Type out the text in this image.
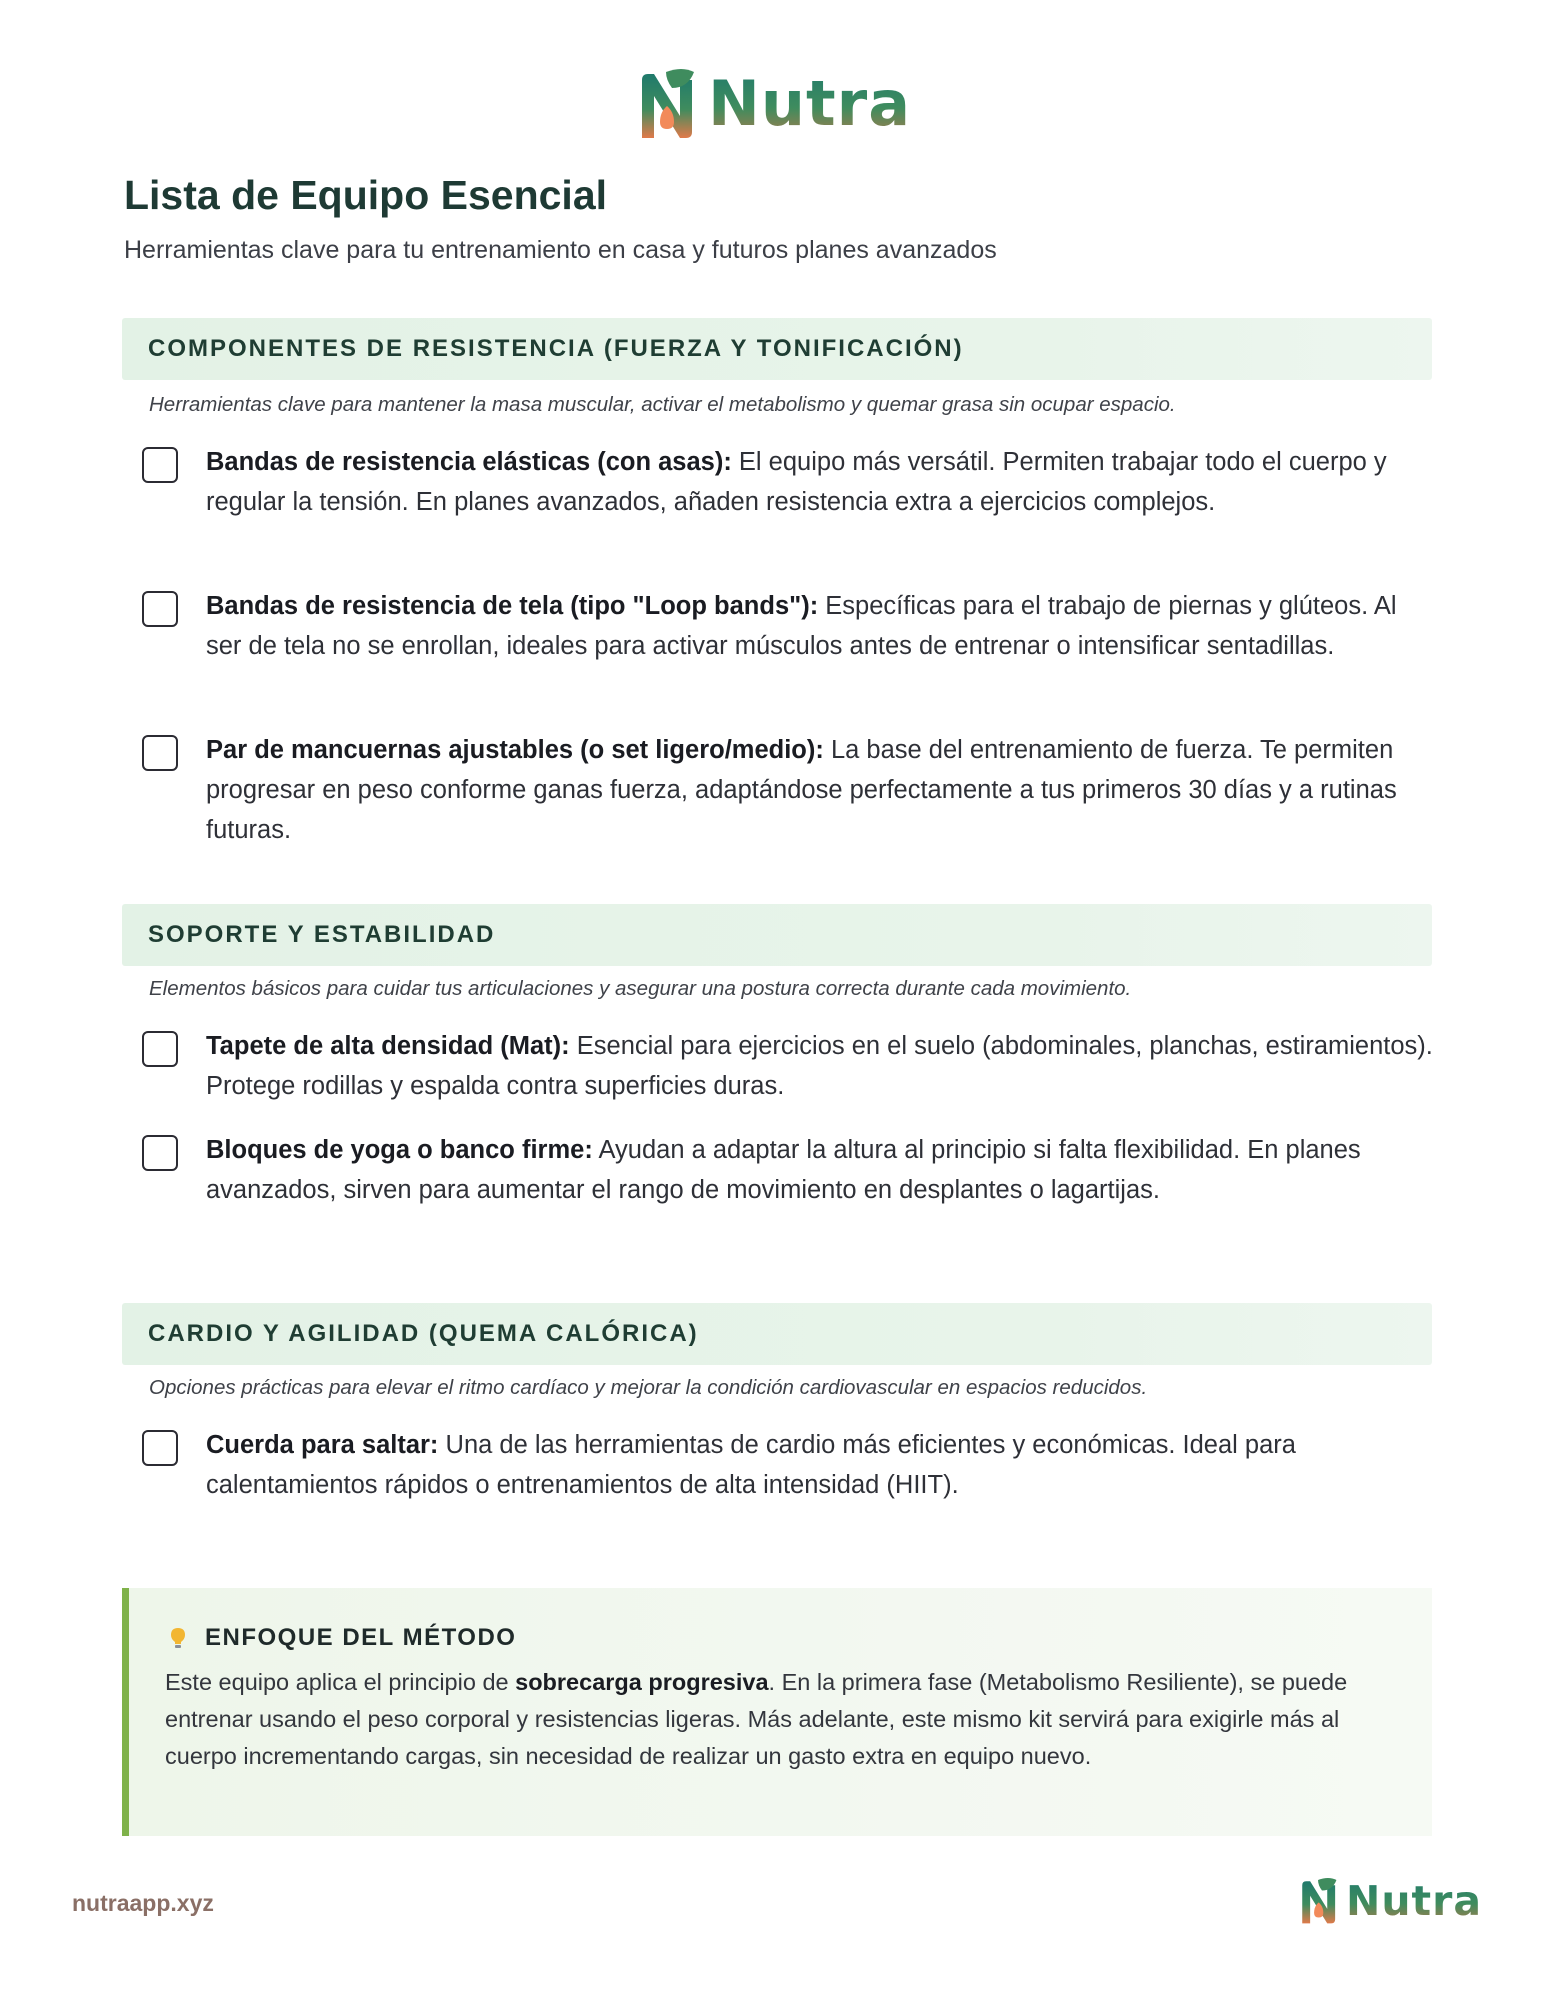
Nutra
Lista de Equipo Esencial

Herramientas clave para tu entrenamiento en casa y futuros planes avanzados

COMPONENTES DE RESISTENCIA (FUERZA Y TONIFICACIÓN)

Herramientas clave para mantener la masa muscular, activar el metabolismo y quemar grasa sin ocupar espacio.

Bandas de resistencia elásticas (con asas): El equipo más versátil. Permiten trabajar todo el cuerpo y regular la tensión. En planes avanzados, añaden resistencia extra a ejercicios complejos.
Bandas de resistencia de tela (tipo "Loop bands"): Específicas para el trabajo de piernas y glúteos. Al ser de tela no se enrollan, ideales para activar músculos antes de entrenar o intensificar sentadillas.
Par de mancuernas ajustables (o set ligero/medio): La base del entrenamiento de fuerza. Te permiten progresar en peso conforme ganas fuerza, adaptándose perfectamente a tus primeros 30 días y a rutinas futuras.
SOPORTE Y ESTABILIDAD

Elementos básicos para cuidar tus articulaciones y asegurar una postura correcta durante cada movimiento.

Tapete de alta densidad (Mat): Esencial para ejercicios en el suelo (abdominales, planchas, estiramientos). Protege rodillas y espalda contra superficies duras.
Bloques de yoga o banco firme: Ayudan a adaptar la altura al principio si falta flexibilidad. En planes avanzados, sirven para aumentar el rango de movimiento en desplantes o lagartijas.
CARDIO Y AGILIDAD (QUEMA CALÓRICA)

Opciones prácticas para elevar el ritmo cardíaco y mejorar la condición cardiovascular en espacios reducidos.

Cuerda para saltar: Una de las herramientas de cardio más eficientes y económicas. Ideal para calentamientos rápidos o entrenamientos de alta intensidad (HIIT).
ENFOQUE DEL MÉTODO

Este equipo aplica el principio de sobrecarga progresiva. En la primera fase (Metabolismo Resiliente), se puede entrenar usando el peso corporal y resistencias ligeras. Más adelante, este mismo kit servirá para exigirle más al cuerpo incrementando cargas, sin necesidad de realizar un gasto extra en equipo nuevo.

nutraapp.xyz	Nutra
